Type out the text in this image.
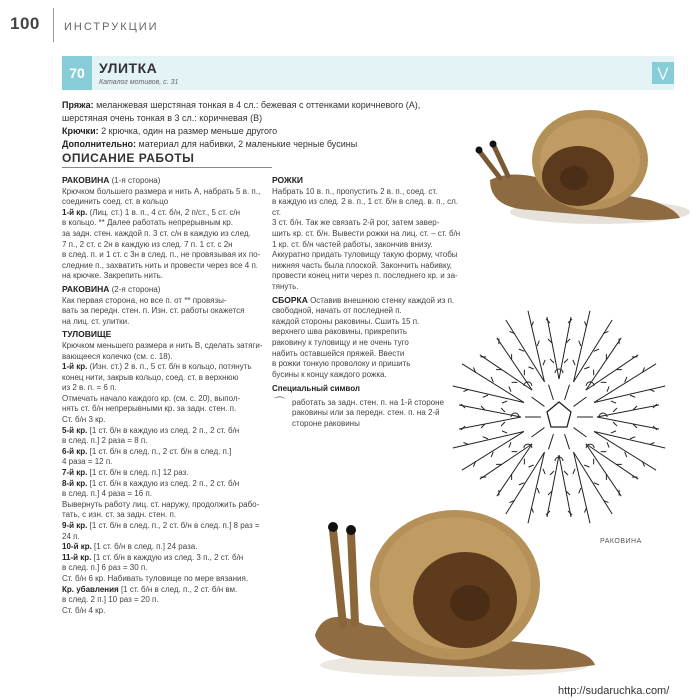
100 ИНСТРУКЦИИ
70	УЛИТКА
Каталог мотивов, с. 31
⋁
Пряжа: меланжевая шерстяная тонкая в 4 сл.: бежевая с оттенками коричневого (A),
шерстяная очень тонкая в 3 сл.: коричневая (B)
Крючки: 2 крючка, один на размер меньше другого
Дополнительно: материал для набивки, 2 маленькие черные бусины
ОПИСАНИЕ РАБОТЫ

РАКОВИНА (1-я сторона)

Крючком большего размера и нить A, набрать 5 в. п.,

соединить соед. ст. в кольцо

1-й кр. (Лиц. ст.) 1 в. п., 4 ст. б/н, 2 п/ст., 5 ст. с/н

в кольцо. ** Далее работать непрерывным кр.

за задн. стен. каждой п. 3 ст. с/н в каждую из след.

7 п., 2 ст. с 2н в каждую из след. 7 п. 1 ст. с 2н

в след. п. и 1 ст. с 3н в след. п., не провязывая их по-

следние п., захватить нить и провести через все 4 п.

на крючке. Закрепить нить.

РАКОВИНА (2-я сторона)

Как первая сторона, но все п. от ** провязы-

вать за передн. стен. п. Изн. ст. работы окажется

на лиц. ст. улитки.

ТУЛОВИЩЕ

Крючком меньшего размера и нить B, сделать затяги-

вающееся колечко (см. с. 18).

1-й кр. (Изн. ст.) 2 в. п., 5 ст. б/н в кольцо, потянуть

конец нити, закрыв кольцо, соед. ст. в верхнюю

из 2 в. п. = 6 п.

Отмечать начало каждого кр. (см. с. 20), выпол-

нять ст. б/н непрерывными кр. за задн. стен. п.

Ст. б/н 3 кр.

5-й кр. [1 ст. б/н в каждую из след. 2 п., 2 ст. б/н

в след. п.] 2 раза = 8 п.

6-й кр. [1 ст. б/н в след. п., 2 ст. б/н в след. п.]

4 раза = 12 п.

7-й кр. [1 ст. б/н в след. п.] 12 раз.

8-й кр. [1 ст. б/н в каждую из след. 2 п., 2 ст. б/н

в след. п.] 4 раза = 16 п.

Вывернуть работу лиц. ст. наружу, продолжить рабо-

тать, с изн. ст. за задн. стен. п.

9-й кр. [1 ст. б/н в след. п., 2 ст. б/н в след. п.] 8 раз =

24 п.

10-й кр. [1 ст. б/н в след. п.] 24 раза.

11-й кр. [1 ст. б/н в каждую из след. 3 п., 2 ст. б/н

в след. п.] 6 раз = 30 п.

Ст. б/н 6 кр. Набивать туловище по мере вязания.

Кр. убавления [1 ст. б/н в след. п., 2 ст. б/н вм.

в след. 2 п.] 10 раз = 20 п.

Ст. б/н 4 кр.

РОЖКИ

Набрать 10 в. п., пропустить 2 в. п., соед. ст.

в каждую из след. 2 в. п., 1 ст. б/н в след. в. п., сл. ст.

3 ст. б/н. Так же связать 2-й рог, затем завер-

шить кр. ст. б/н. Вывести рожки на лиц. ст. – ст. б/н

1 кр. ст. б/н частей работы, закончив внизу.

Аккуратно придать туловищу такую форму, чтобы

нижняя часть была плоской. Закончить набивку,

провести конец нити через п. последнего кр. и за-

тянуть.

СБОРКА Оставив внешнюю стенку каждой из п.

свободной, начать от последней п.

каждой стороны раковины. Сшить 15 п.

верхнего шва раковины, прикрепить

раковину к туловищу и не очень туго

набить оставшейся пряжей. Ввести

в рожки тонкую проволоку и пришить

бусины к концу каждого рожка.

Специальный символ

⌒ работать за задн. стен. п. на 1-й стороне

раковины или за передн. стен. п. на 2-й

стороне раковины

РАКОВИНА
http://sudaruchka.com/
